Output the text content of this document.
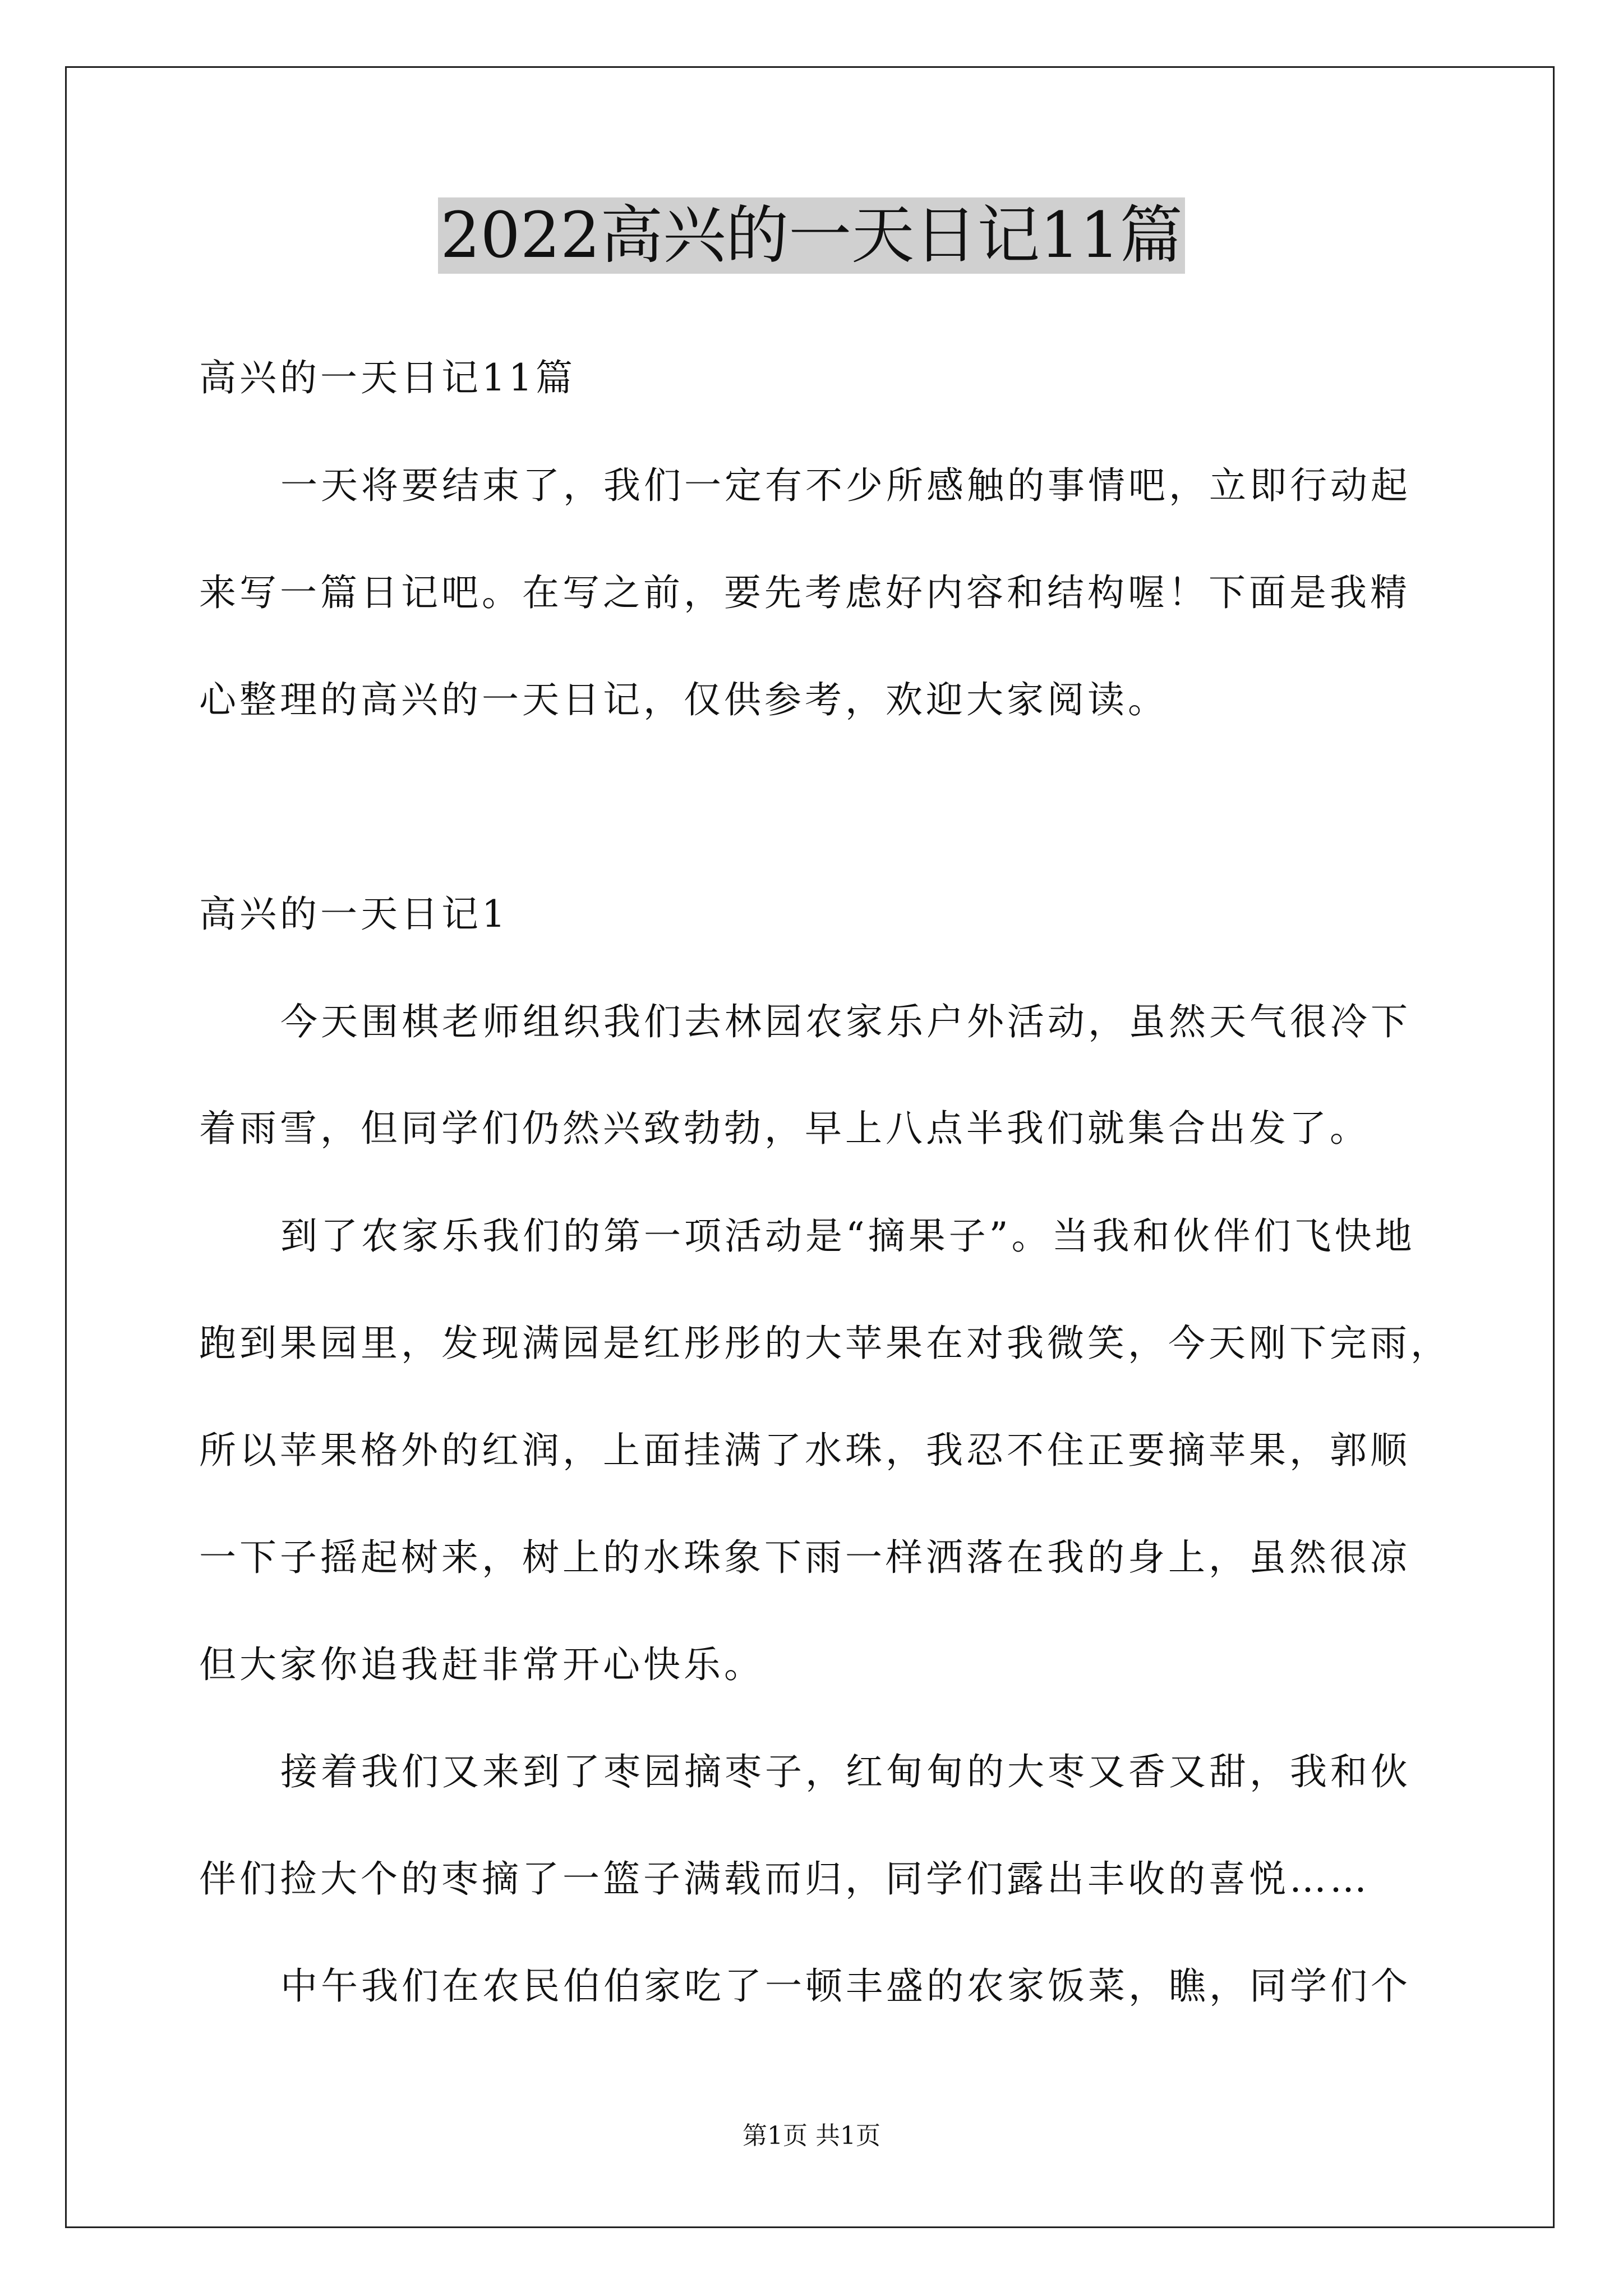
2022高兴的一天日记11篇
高兴的一天日记11篇
一天将要结束了，我们一定有不少所感触的事情吧，立即行动起
来写一篇日记吧。在写之前，要先考虑好内容和结构喔！下面是我精
心整理的高兴的一天日记，仅供参考，欢迎大家阅读。
高兴的一天日记1
今天围棋老师组织我们去林园农家乐户外活动，虽然天气很冷下
着雨雪，但同学们仍然兴致勃勃，早上八点半我们就集合出发了。
到了农家乐我们的第一项活动是“摘果子”。当我和伙伴们飞快地
跑到果园里，发现满园是红彤彤的大苹果在对我微笑，今天刚下完雨，
所以苹果格外的红润，上面挂满了水珠，我忍不住正要摘苹果，郭顺
一下子摇起树来，树上的水珠象下雨一样洒落在我的身上，虽然很凉
但大家你追我赶非常开心快乐。
接着我们又来到了枣园摘枣子，红甸甸的大枣又香又甜，我和伙
伴们捡大个的枣摘了一篮子满载而归，同学们露出丰收的喜悦……
中午我们在农民伯伯家吃了一顿丰盛的农家饭菜，瞧，同学们个
第1页 共1页
